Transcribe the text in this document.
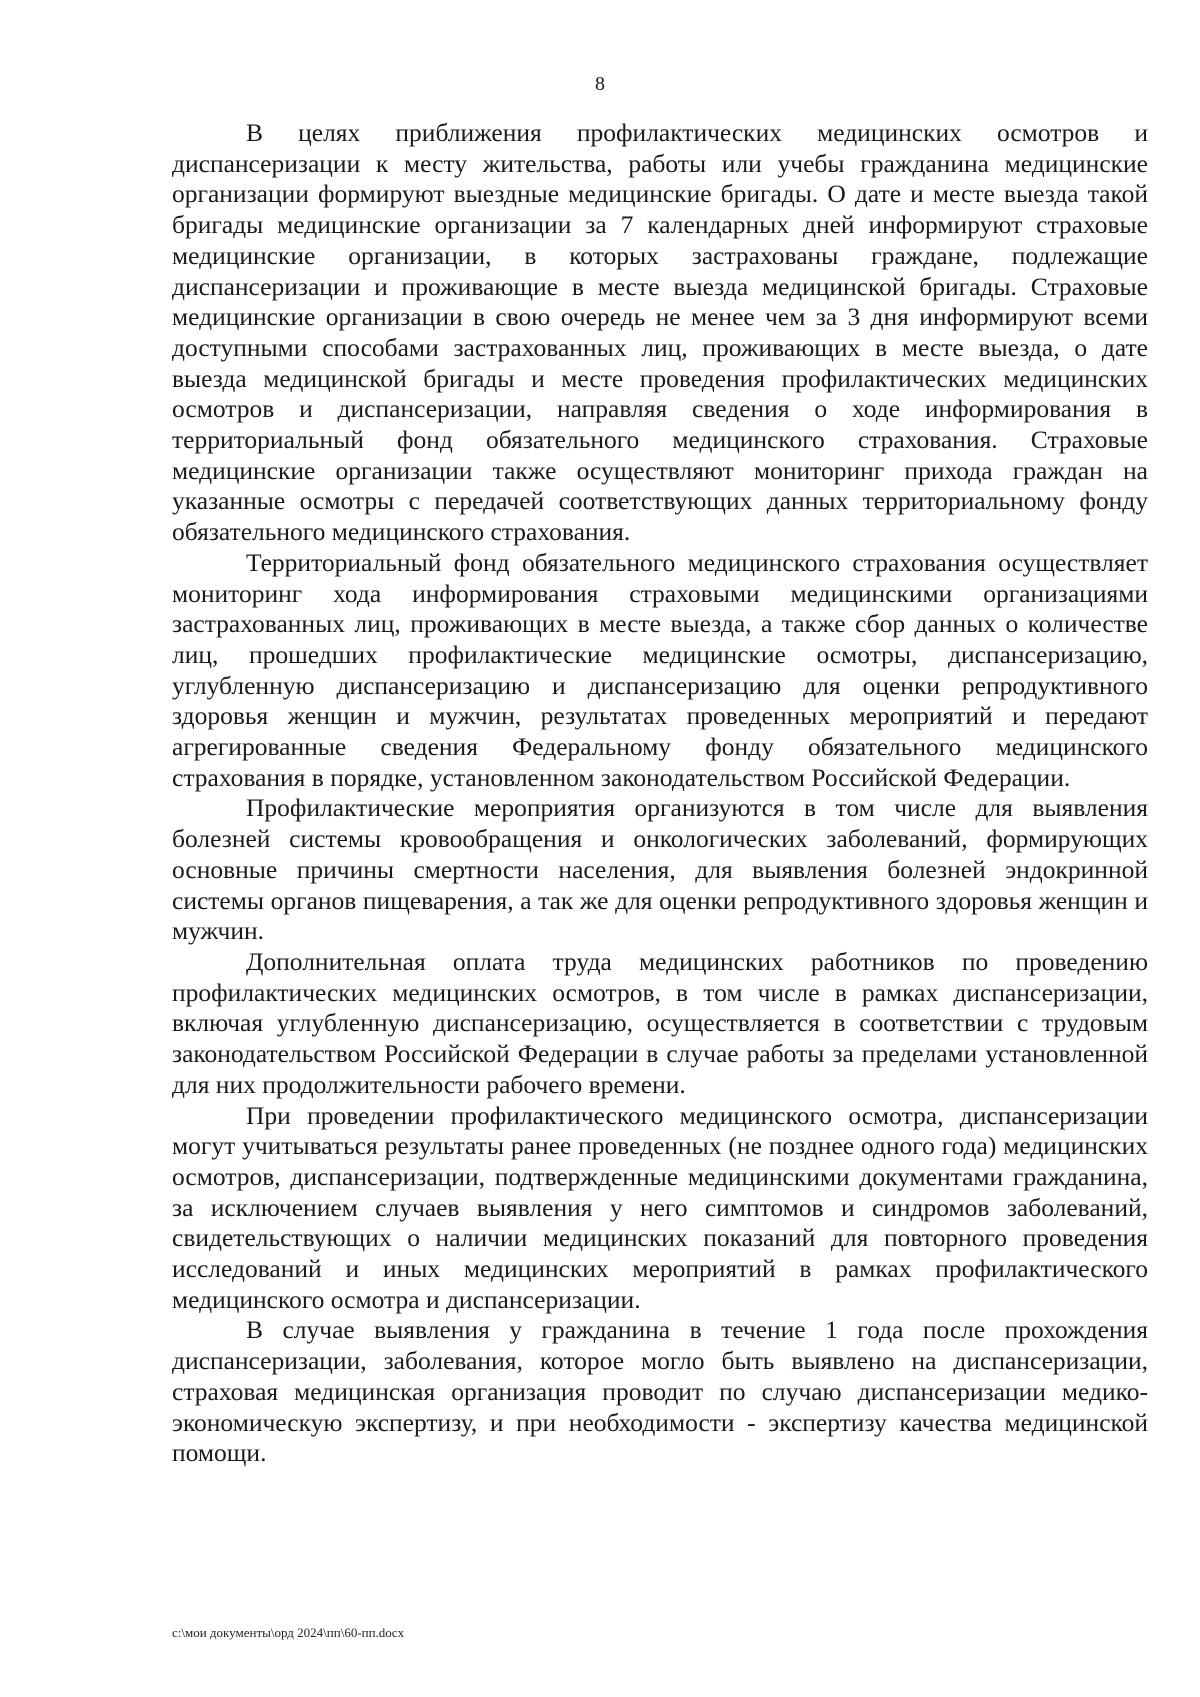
8

В целях приближения профилактических медицинских осмотров и диспансеризации к месту жительства, работы или учебы гражданина медицинские организации формируют выездные медицинские бригады. О дате и месте выезда такой бригады медицинские организации за 7 календарных дней информируют страховые медицинские организации, в которых застрахованы граждане, подлежащие диспансеризации и проживающие в месте выезда медицинской бригады. Страховые медицинские организации в свою очередь не менее чем за 3 дня информируют всеми доступными способами застрахованных лиц, проживающих в месте выезда, о дате выезда медицинской бригады и месте проведения профилактических медицинских осмотров и диспансеризации, направляя сведения о ходе информирования в территориальный фонд обязательного медицинского страхования. Страховые медицинские организации также осуществляют мониторинг прихода граждан на указанные осмотры с передачей соответствующих данных территориальному фонду обязательного медицинского страхования.

Территориальный фонд обязательного медицинского страхования осуществляет мониторинг хода информирования страховыми медицинскими организациями застрахованных лиц, проживающих в месте выезда, а также сбор данных о количестве лиц, прошедших профилактические медицинские осмотры, диспансеризацию, углубленную диспансеризацию и диспансеризацию для оценки репродуктивного здоровья женщин и мужчин, результатах проведенных мероприятий и передают агрегированные сведения Федеральному фонду обязательного медицинского страхования в порядке, установленном законодательством Российской Федерации.

Профилактические мероприятия организуются в том числе для выявления болезней системы кровообращения и онкологических заболеваний, формирующих основные причины смертности населения, для выявления болезней эндокринной системы органов пищеварения, а так же для оценки репродуктивного здоровья женщин и мужчин.

Дополнительная оплата труда медицинских работников по проведению профилактических медицинских осмотров, в том числе в рамках диспансеризации, включая углубленную диспансеризацию, осуществляется в соответствии с трудовым законодательством Российской Федерации в случае работы за пределами установленной для них продолжительности рабочего времени.

При проведении профилактического медицинского осмотра, диспансеризации могут учитываться результаты ранее проведенных (не позднее одного года) медицинских осмотров, диспансеризации, подтвержденные медицинскими документами гражданина, за исключением случаев выявления у него симптомов и синдромов заболеваний, свидетельствующих о наличии медицинских показаний для повторного проведения исследований и иных медицинских мероприятий в рамках профилактического медицинского осмотра и диспансеризации.

В случае выявления у гражданина в течение 1 года после прохождения диспансеризации, заболевания, которое могло быть выявлено на диспансеризации, страховая медицинская организация проводит по случаю диспансеризации медико-экономическую экспертизу, и при необходимости - экспертизу качества медицинской помощи.

c:\мои документы\орд 2024\пп\60-пп.docx
